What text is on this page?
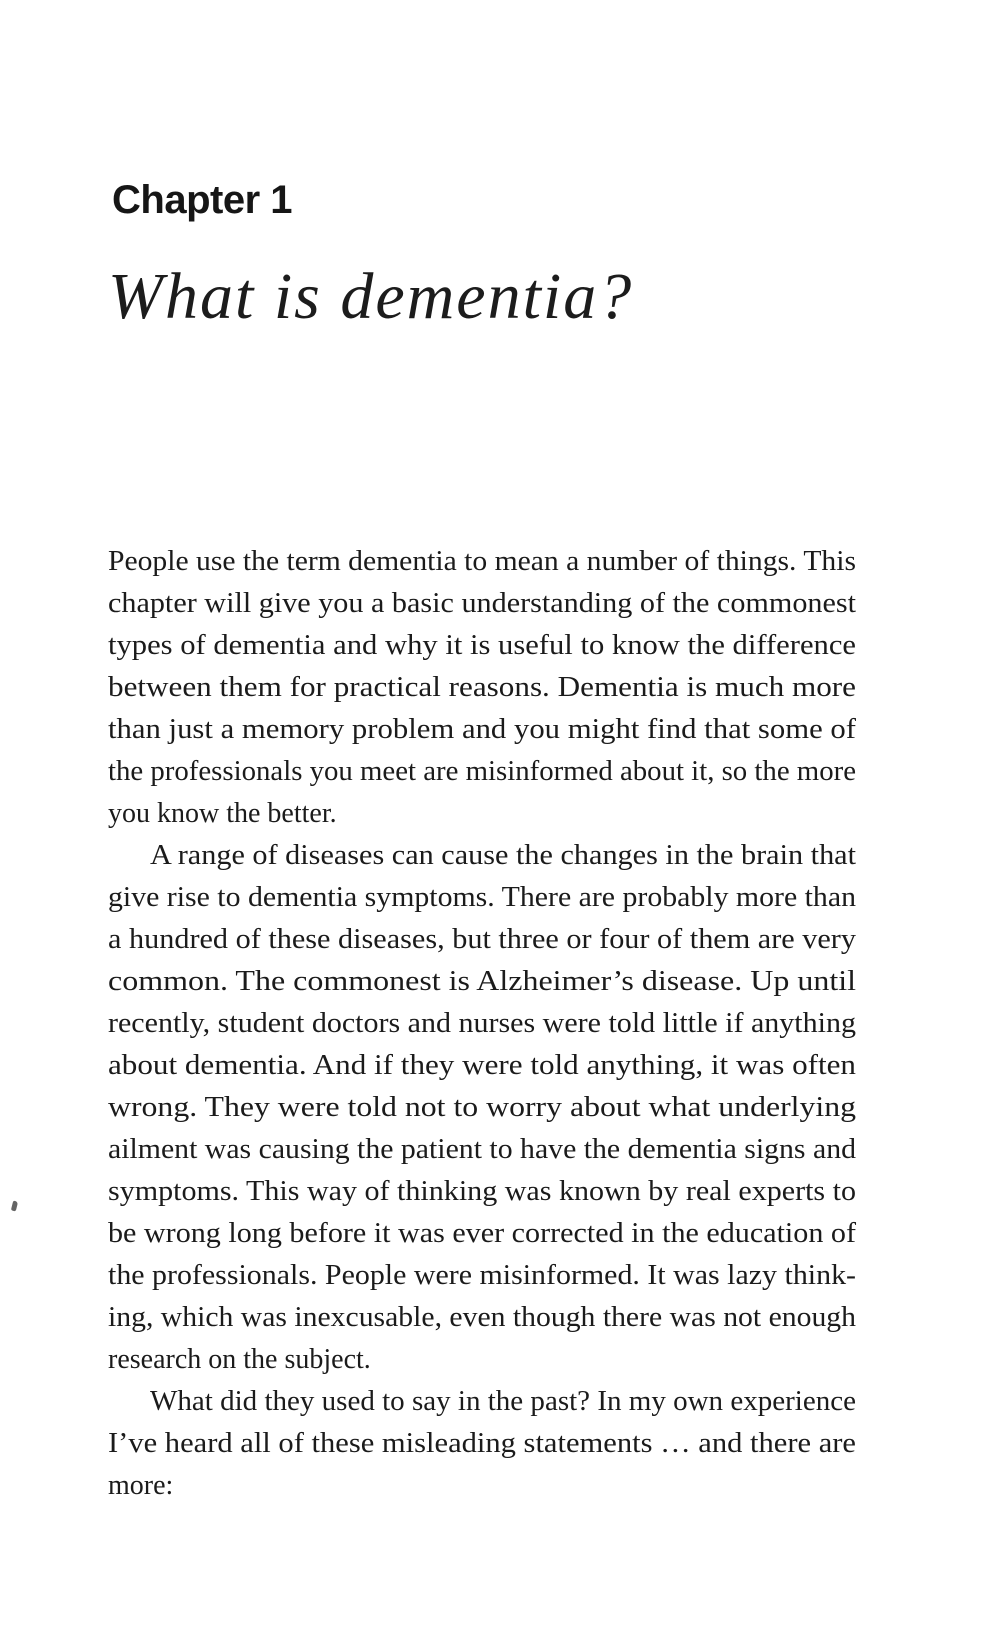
Chapter 1
What is dementia?
People use the term dementia to mean a number of things. This
chapter will give you a basic understanding of the commonest
types of dementia and why it is useful to know the difference
between them for practical reasons. Dementia is much more
than just a memory problem and you might find that some of
the professionals you meet are misinformed about it, so the more
you know the better.
A range of diseases can cause the changes in the brain that
give rise to dementia symptoms. There are probably more than
a hundred of these diseases, but three or four of them are very
common. The commonest is Alzheimer’s disease. Up until
recently, student doctors and nurses were told little if anything
about dementia. And if they were told anything, it was often
wrong. They were told not to worry about what underlying
ailment was causing the patient to have the dementia signs and
symptoms. This way of thinking was known by real experts to
be wrong long before it was ever corrected in the education of
the professionals. People were misinformed. It was lazy think-
ing, which was inexcusable, even though there was not enough
research on the subject.
What did they used to say in the past? In my own experience
I’ve heard all of these misleading statements … and there are
more:
